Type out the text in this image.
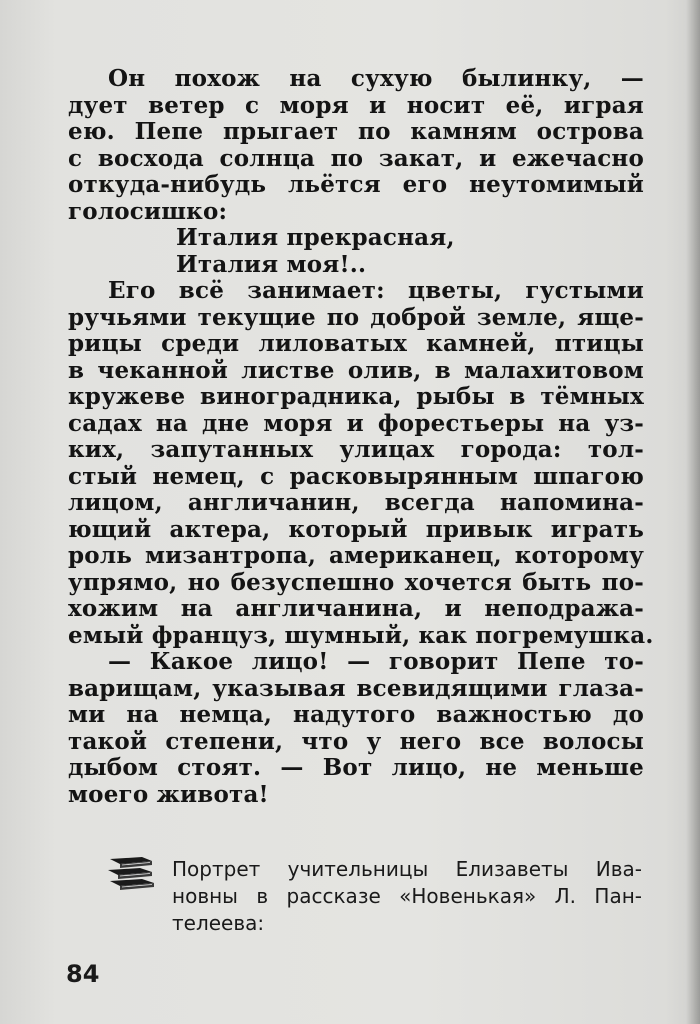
Он похож на сухую былинку, —
дует ветер с моря и носит её, играя
ею. Пепе прыгает по камням острова
с восхода солнца по закат, и ежечасно
откуда-нибудь льётся его неутомимый
голосишко:
Италия прекрасная,
Италия моя!..
Его всё занимает: цветы, густыми
ручьями текущие по доброй земле, яще-
рицы среди лиловатых камней, птицы
в чеканной листве олив, в малахитовом
кружеве виноградника, рыбы в тёмных
садах на дне моря и форестьеры на уз-
ких, запутанных улицах города: тол-
стый немец, с расковырянным шпагою
лицом, англичанин, всегда напомина-
ющий актера, который привык играть
роль мизантропа, американец, которому
упрямо, но безуспешно хочется быть по-
хожим на англичанина, и неподража-
емый француз, шумный, как погремушка.
— Какое лицо! — говорит Пепе то-
варищам, указывая всевидящими глаза-
ми на немца, надутого важностью до
такой степени, что у него все волосы
дыбом стоят. — Вот лицо, не меньше
моего живота!
Портрет учительницы Елизаветы Ива-
новны в рассказе «Новенькая» Л. Пан-
телеева:
84
